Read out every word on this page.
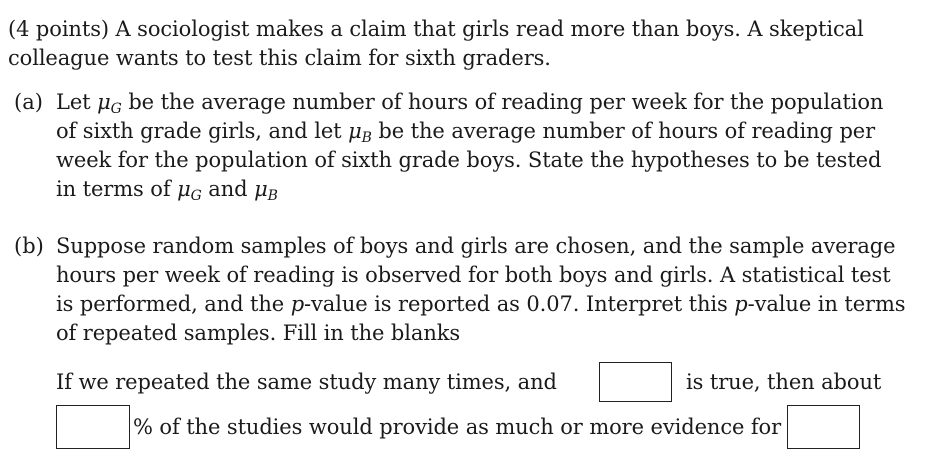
(4 points) A sociologist makes a claim that girls read more than boys. A skeptical
colleague wants to test this claim for sixth graders.
(a) Let $\mu_G$ be the average number of hours of reading per week for the population
of sixth grade girls, and let $\mu_B$ be the average number of hours of reading per
week for the population of sixth grade boys. State the hypotheses to be tested
in terms of $\mu_G$ and $\mu_B$
(b) Suppose random samples of boys and girls are chosen, and the sample average
hours per week of reading is observed for both boys and girls. A statistical test
is performed, and the p-value is reported as 0.07. Interpret this p-value in terms
of repeated samples. Fill in the blanks
If we repeated the same study many times, and	is true, then about
% of the studies would provide as much or more evidence for
